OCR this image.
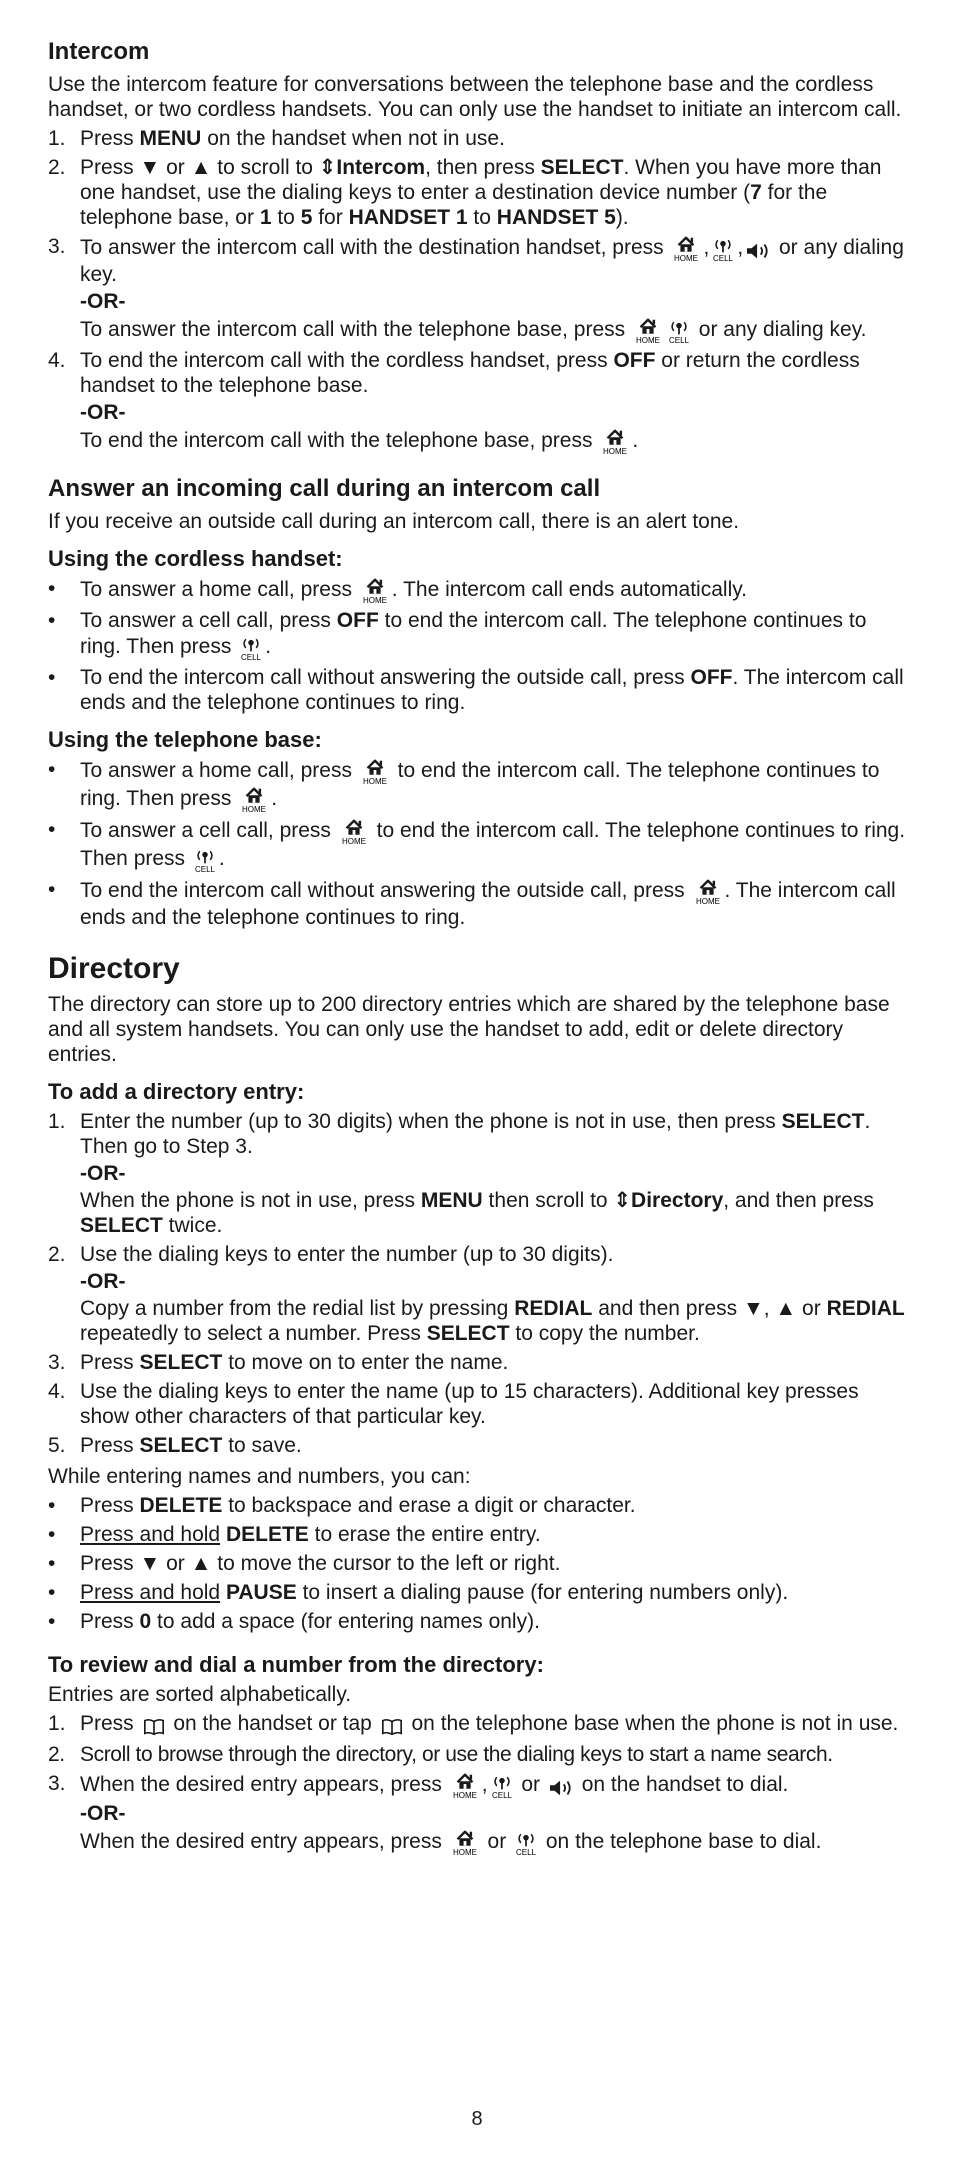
Intercom

Use the intercom feature for conversations between the telephone base and the cordless handset, or two cordless handsets. You can only use the handset to initiate an intercom call.

1. Press MENU on the handset when not in use.
2. Press ▼ or ▲ to scroll to ⇕Intercom, then press SELECT. When you have more than one handset, use the dialing keys to enter a destination device number (7 for the telephone base, or 1 to 5 for HANDSET 1 to HANDSET 5).
3. To answer the intercom call with the destination handset, press HOME , CELL ,
or any dialing key.
-OR-
To answer the intercom call with the telephone base, press HOME CELL or any dialing key.
4. To end the intercom call with the cordless handset, press OFF or return the cordless handset to the telephone base.
-OR-
To end the intercom call with the telephone base, press HOME .
Answer an incoming call during an intercom call

If you receive an outside call during an intercom call, there is an alert tone.

Using the cordless handset:
• To answer a home call, press HOME . The intercom call ends automatically.
• To answer a cell call, press OFF to end the intercom call. The telephone continues to ring. Then press CELL .
• To end the intercom call without answering the outside call, press OFF. The intercom call ends and the telephone continues to ring.
Using the telephone base:
• To answer a home call, press HOME to end the intercom call. The telephone continues to ring. Then press HOME .
• To answer a cell call, press HOME to end the intercom call. The telephone continues to ring. Then press CELL .
• To end the intercom call without answering the outside call, press HOME . The intercom call ends and the telephone continues to ring.
Directory

The directory can store up to 200 directory entries which are shared by the telephone base and all system handsets. You can only use the handset to add, edit or delete directory entries.

To add a directory entry:
1. Enter the number (up to 30 digits) when the phone is not in use, then press SELECT. Then go to Step 3.
-OR-
When the phone is not in use, press MENU then scroll to ⇕Directory, and then press SELECT twice.
2. Use the dialing keys to enter the number (up to 30 digits).
-OR-
Copy a number from the redial list by pressing REDIAL and then press ▼, ▲ or REDIAL repeatedly to select a number. Press SELECT to copy the number.
3. Press SELECT to move on to enter the name.
4. Use the dialing keys to enter the name (up to 15 characters). Additional key presses show other characters of that particular key.
5. Press SELECT to save.

While entering names and numbers, you can:

• Press DELETE to backspace and erase a digit or character.
• Press and hold DELETE to erase the entire entry.
• Press ▼ or ▲ to move the cursor to the left or right.
• Press and hold PAUSE to insert a dialing pause (for entering numbers only).
• Press 0 to add a space (for entering names only).
To review and dial a number from the directory:

Entries are sorted alphabetically.

1. Press
on the handset or tap
on the telephone base when the phone is not in use.
2. Scroll to browse through the directory, or use the dialing keys to start a name search.
3. When the desired entry appears, press HOME , CELL or
on the handset to dial.
-OR-
When the desired entry appears, press HOME or CELL on the telephone base to dial.
8
